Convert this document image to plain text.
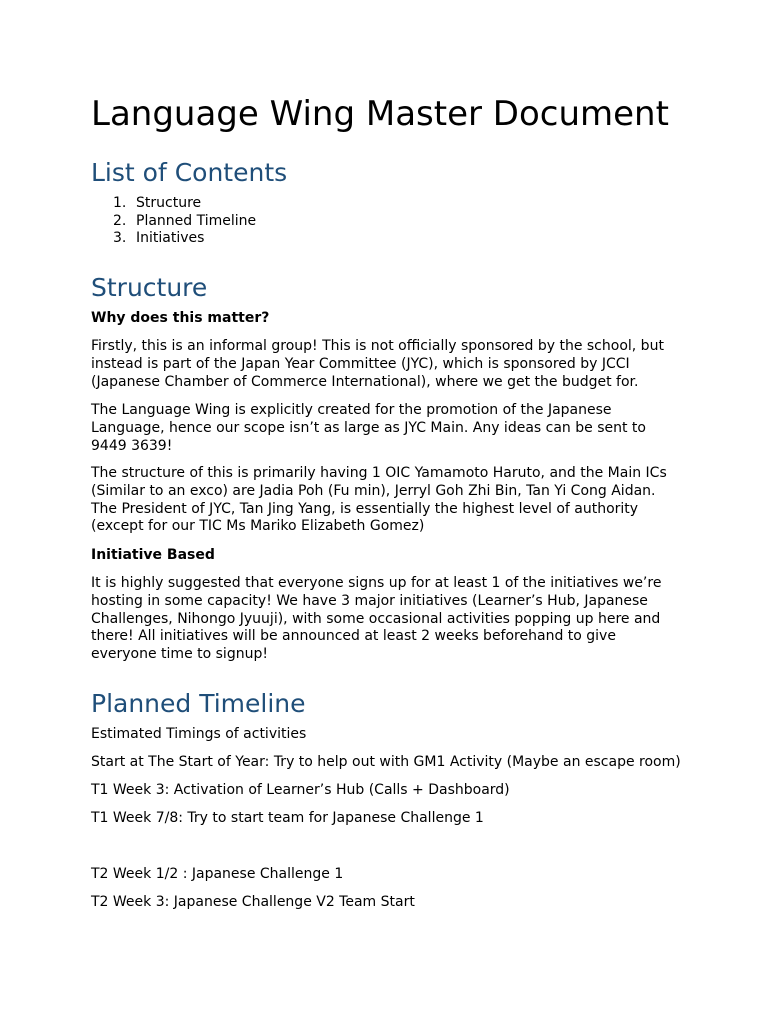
Language Wing Master Document
List of Contents
1. Structure
2. Planned Timeline
3. Initiatives
Structure

Why does this matter?

Firstly, this is an informal group! This is not officially sponsored by the school, but instead is part of the Japan Year Committee (JYC), which is sponsored by JCCI (Japanese Chamber of Commerce International), where we get the budget for.

The Language Wing is explicitly created for the promotion of the Japanese Language, hence our scope isn’t as large as JYC Main. Any ideas can be sent to 9449 3639!

The structure of this is primarily having 1 OIC Yamamoto Haruto, and the Main ICs (Similar to an exco) are Jadia Poh (Fu min), Jerryl Goh Zhi Bin, Tan Yi Cong Aidan. The President of JYC, Tan Jing Yang, is essentially the highest level of authority (except for our TIC Ms Mariko Elizabeth Gomez)

Initiative Based

It is highly suggested that everyone signs up for at least 1 of the initiatives we’re hosting in some capacity! We have 3 major initiatives (Learner’s Hub, Japanese Challenges, Nihongo Jyuuji), with some occasional activities popping up here and there! All initiatives will be announced at least 2 weeks beforehand to give everyone time to signup!

Planned Timeline

Estimated Timings of activities

Start at The Start of Year: Try to help out with GM1 Activity (Maybe an escape room)

T1 Week 3: Activation of Learner’s Hub (Calls + Dashboard)

T1 Week 7/8: Try to start team for Japanese Challenge 1

T2 Week 1/2 : Japanese Challenge 1

T2 Week 3: Japanese Challenge V2 Team Start
